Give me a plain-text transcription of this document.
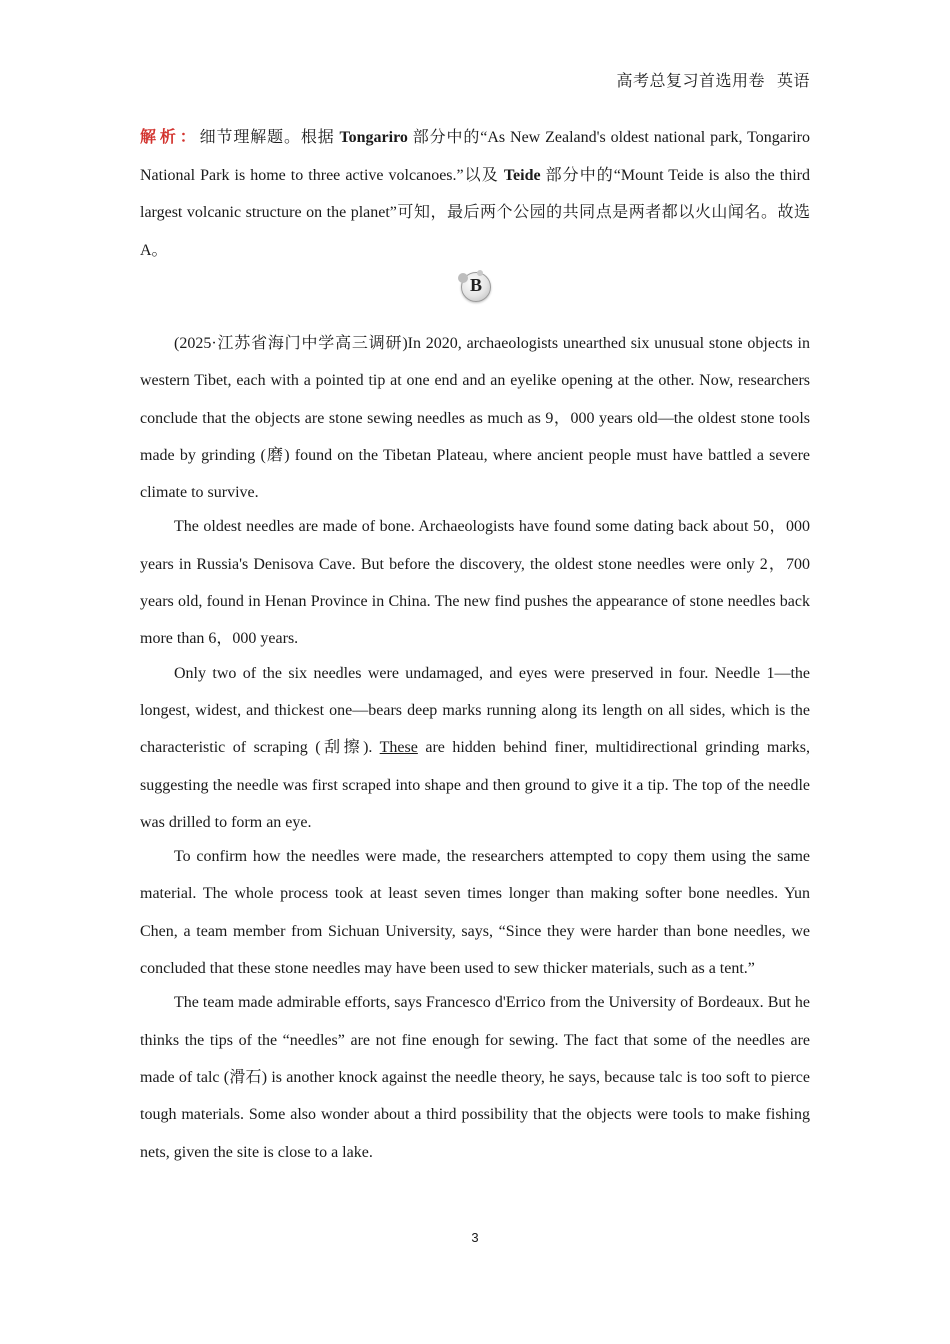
高考总复习首选用卷 英语
解析：细节理解题。根据 Tongariro 部分中的“As New Zealand's oldest national park, Tongariro National Park is home to three active volcanoes.”以及 Teide 部分中的“Mount Teide is also the third largest volcanic structure on the planet”可知，最后两个公园的共同点是两者都以火山闻名。故选 A。
B

(2025·江苏省海门中学高三调研)In 2020, archaeologists unearthed six unusual stone objects in western Tibet, each with a pointed tip at one end and an eyelike opening at the other. Now, researchers conclude that the objects are stone sewing needles as much as 9，000 years old—the oldest stone tools made by grinding (磨) found on the Tibetan Plateau, where ancient people must have battled a severe climate to survive.

The oldest needles are made of bone. Archaeologists have found some dating back about 50，000 years in Russia's Denisova Cave. But before the discovery, the oldest stone needles were only 2，700 years old, found in Henan Province in China. The new find pushes the appearance of stone needles back more than 6，000 years.

Only two of the six needles were undamaged, and eyes were preserved in four. Needle 1—the longest, widest, and thickest one—bears deep marks running along its length on all sides, which is the characteristic of scraping (刮擦). These are hidden behind finer, multidirectional grinding marks, suggesting the needle was first scraped into shape and then ground to give it a tip. The top of the needle was drilled to form an eye.

To confirm how the needles were made, the researchers attempted to copy them using the same material. The whole process took at least seven times longer than making softer bone needles. Yun Chen, a team member from Sichuan University, says, “Since they were harder than bone needles, we concluded that these stone needles may have been used to sew thicker materials, such as a tent.”

The team made admirable efforts, says Francesco d'Errico from the University of Bordeaux. But he thinks the tips of the “needles” are not fine enough for sewing. The fact that some of the needles are made of talc (滑石) is another knock against the needle theory, he says, because talc is too soft to pierce tough materials. Some also wonder about a third possibility that the objects were tools to make fishing nets, given the site is close to a lake.

3
